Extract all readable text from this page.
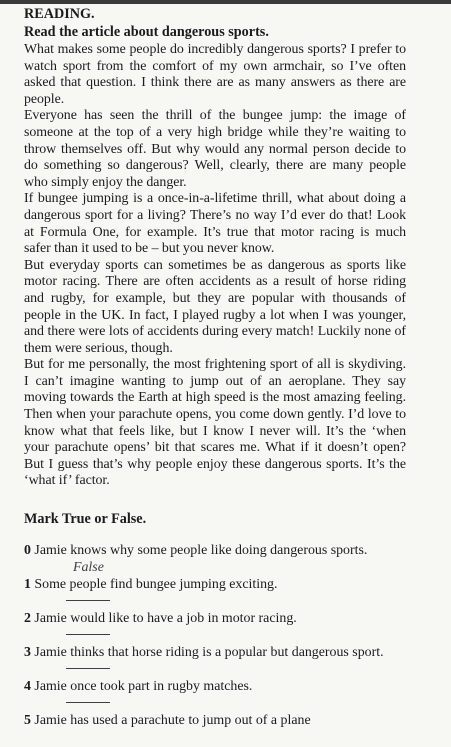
READING.

Read the article about dangerous sports.

What makes some people do incredibly dangerous sports? I prefer to watch sport from the comfort of my own armchair, so I’ve often asked that question. I think there are as many answers as there are people.

Everyone has seen the thrill of the bungee jump: the image of someone at the top of a very high bridge while they’re waiting to throw themselves off. But why would any normal person decide to do something so dangerous? Well, clearly, there are many people who simply enjoy the danger.

If bungee jumping is a once-in-a-lifetime thrill, what about doing a dangerous sport for a living? There’s no way I’d ever do that! Look at Formula One, for example. It’s true that motor racing is much safer than it used to be – but you never know.

But everyday sports can sometimes be as dangerous as sports like motor racing. There are often accidents as a result of horse riding and rugby, for example, but they are popular with thousands of people in the UK. In fact, I played rugby a lot when I was younger, and there were lots of accidents during every match! Luckily none of them were serious, though.

But for me personally, the most frightening sport of all is skydiving. I can’t imagine wanting to jump out of an aeroplane. They say moving towards the Earth at high speed is the most amazing feeling. Then when your parachute opens, you come down gently. I’d love to know what that feels like, but I know I never will. It’s the ‘when your parachute opens’ bit that scares me. What if it doesn’t open? But I guess that’s why people enjoy these dangerous sports. It’s the ‘what if’ factor.

Mark True or False.

0 Jamie knows why some people like doing dangerous sports.
False
1 Some people find bungee jumping exciting.
2 Jamie would like to have a job in motor racing.
3 Jamie thinks that horse riding is a popular but dangerous sport.
4 Jamie once took part in rugby matches.
5 Jamie has used a parachute to jump out of a plane
